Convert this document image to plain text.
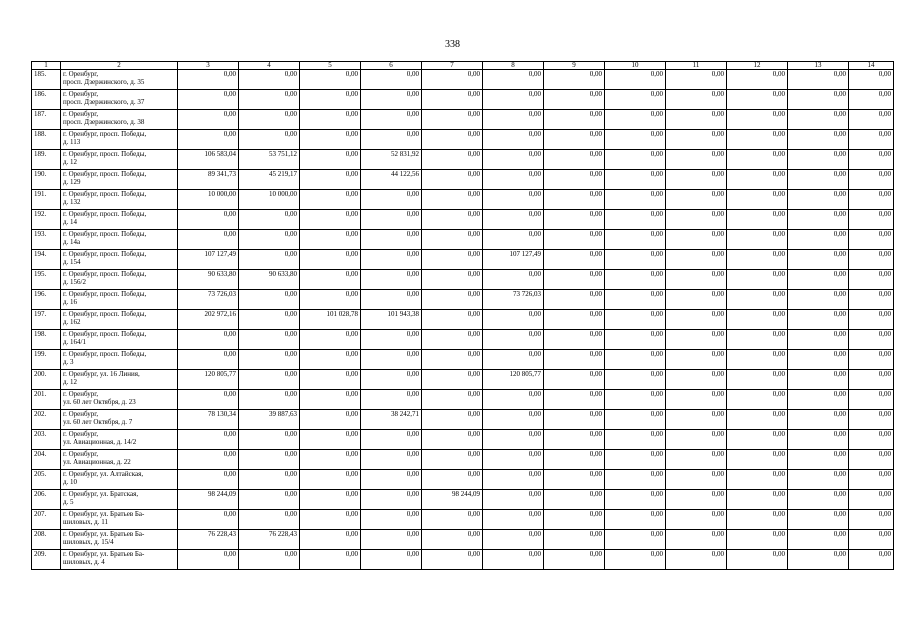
338
1	2	3	4	5	6	7	8	9	10	11	12	13	14
185.	г. Оренбург,
просп. Дзержинского, д. 35	0,00	0,00	0,00	0,00	0,00	0,00	0,00	0,00	0,00	0,00	0,00	0,00
186.	г. Оренбург,
просп. Дзержинского, д. 37	0,00	0,00	0,00	0,00	0,00	0,00	0,00	0,00	0,00	0,00	0,00	0,00
187.	г. Оренбург,
просп. Дзержинского, д. 38	0,00	0,00	0,00	0,00	0,00	0,00	0,00	0,00	0,00	0,00	0,00	0,00
188.	г. Оренбург, просп. Победы,
д. 113	0,00	0,00	0,00	0,00	0,00	0,00	0,00	0,00	0,00	0,00	0,00	0,00
189.	г. Оренбург, просп. Победы,
д. 12	106 583,04	53 751,12	0,00	52 831,92	0,00	0,00	0,00	0,00	0,00	0,00	0,00	0,00
190.	г. Оренбург, просп. Победы,
д. 129	89 341,73	45 219,17	0,00	44 122,56	0,00	0,00	0,00	0,00	0,00	0,00	0,00	0,00
191.	г. Оренбург, просп. Победы,
д. 132	10 000,00	10 000,00	0,00	0,00	0,00	0,00	0,00	0,00	0,00	0,00	0,00	0,00
192.	г. Оренбург, просп. Победы,
д. 14	0,00	0,00	0,00	0,00	0,00	0,00	0,00	0,00	0,00	0,00	0,00	0,00
193.	г. Оренбург, просп. Победы,
д. 14а	0,00	0,00	0,00	0,00	0,00	0,00	0,00	0,00	0,00	0,00	0,00	0,00
194.	г. Оренбург, просп. Победы,
д. 154	107 127,49	0,00	0,00	0,00	0,00	107 127,49	0,00	0,00	0,00	0,00	0,00	0,00
195.	г. Оренбург, просп. Победы,
д. 156/2	90 633,80	90 633,80	0,00	0,00	0,00	0,00	0,00	0,00	0,00	0,00	0,00	0,00
196.	г. Оренбург, просп. Победы,
д. 16	73 726,03	0,00	0,00	0,00	0,00	73 726,03	0,00	0,00	0,00	0,00	0,00	0,00
197.	г. Оренбург, просп. Победы,
д. 162	202 972,16	0,00	101 028,78	101 943,38	0,00	0,00	0,00	0,00	0,00	0,00	0,00	0,00
198.	г. Оренбург, просп. Победы,
д. 164/1	0,00	0,00	0,00	0,00	0,00	0,00	0,00	0,00	0,00	0,00	0,00	0,00
199.	г. Оренбург, просп. Победы,
д. 3	0,00	0,00	0,00	0,00	0,00	0,00	0,00	0,00	0,00	0,00	0,00	0,00
200.	г. Оренбург, ул. 16 Линия,
д. 12	120 805,77	0,00	0,00	0,00	0,00	120 805,77	0,00	0,00	0,00	0,00	0,00	0,00
201.	г. Оренбург,
ул. 60 лет Октября, д. 23	0,00	0,00	0,00	0,00	0,00	0,00	0,00	0,00	0,00	0,00	0,00	0,00
202.	г. Оренбург,
ул. 60 лет Октября, д. 7	78 130,34	39 887,63	0,00	38 242,71	0,00	0,00	0,00	0,00	0,00	0,00	0,00	0,00
203.	г. Оренбург,
ул. Авиационная, д. 14/2	0,00	0,00	0,00	0,00	0,00	0,00	0,00	0,00	0,00	0,00	0,00	0,00
204.	г. Оренбург,
ул. Авиационная, д. 22	0,00	0,00	0,00	0,00	0,00	0,00	0,00	0,00	0,00	0,00	0,00	0,00
205.	г. Оренбург, ул. Алтайская,
д. 10	0,00	0,00	0,00	0,00	0,00	0,00	0,00	0,00	0,00	0,00	0,00	0,00
206.	г. Оренбург, ул. Братская,
д. 5	98 244,09	0,00	0,00	0,00	98 244,09	0,00	0,00	0,00	0,00	0,00	0,00	0,00
207.	г. Оренбург, ул. Братьев Ба-
шиловых, д. 11	0,00	0,00	0,00	0,00	0,00	0,00	0,00	0,00	0,00	0,00	0,00	0,00
208.	г. Оренбург, ул. Братьев Ба-
шиловых, д. 15/4	76 228,43	76 228,43	0,00	0,00	0,00	0,00	0,00	0,00	0,00	0,00	0,00	0,00
209.	г. Оренбург, ул. Братьев Ба-
шиловых, д. 4	0,00	0,00	0,00	0,00	0,00	0,00	0,00	0,00	0,00	0,00	0,00	0,00
